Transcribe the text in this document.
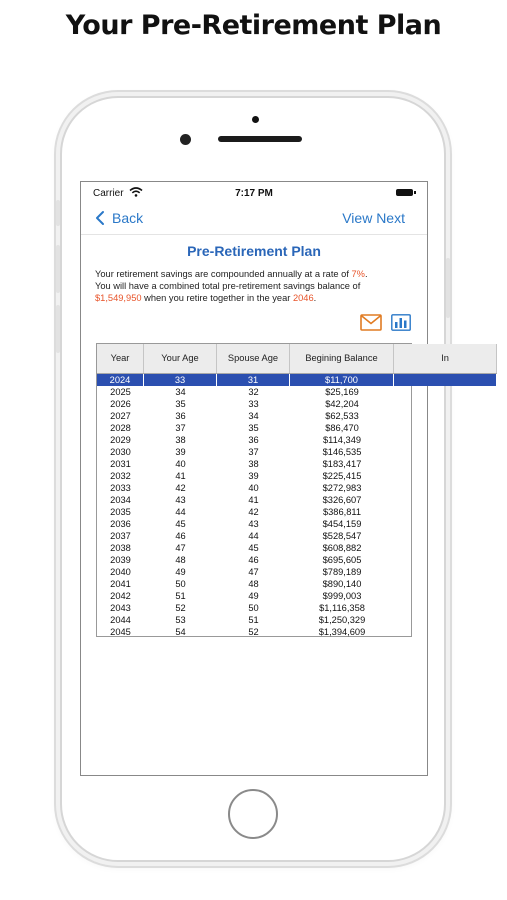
Your Pre-Retirement Plan
Carrier	7:17 PM
Back	View Next
Pre-Retirement Plan
Your retirement savings are compounded annually at a rate of 7%.
You will have a combined total pre-retirement savings balance of
$1,549,950 when you retire together in the year 2046.
Year	Your Age	Spouse Age	Begining Balance	In
2024	33	31	$11,700
2025	34	32	$25,169
2026	35	33	$42,204
2027	36	34	$62,533
2028	37	35	$86,470
2029	38	36	$114,349
2030	39	37	$146,535
2031	40	38	$183,417
2032	41	39	$225,415
2033	42	40	$272,983
2034	43	41	$326,607
2035	44	42	$386,811
2036	45	43	$454,159
2037	46	44	$528,547
2038	47	45	$608,882
2039	48	46	$695,605
2040	49	47	$789,189
2041	50	48	$890,140
2042	51	49	$999,003
2043	52	50	$1,116,358
2044	53	51	$1,250,329
2045	54	52	$1,394,609
